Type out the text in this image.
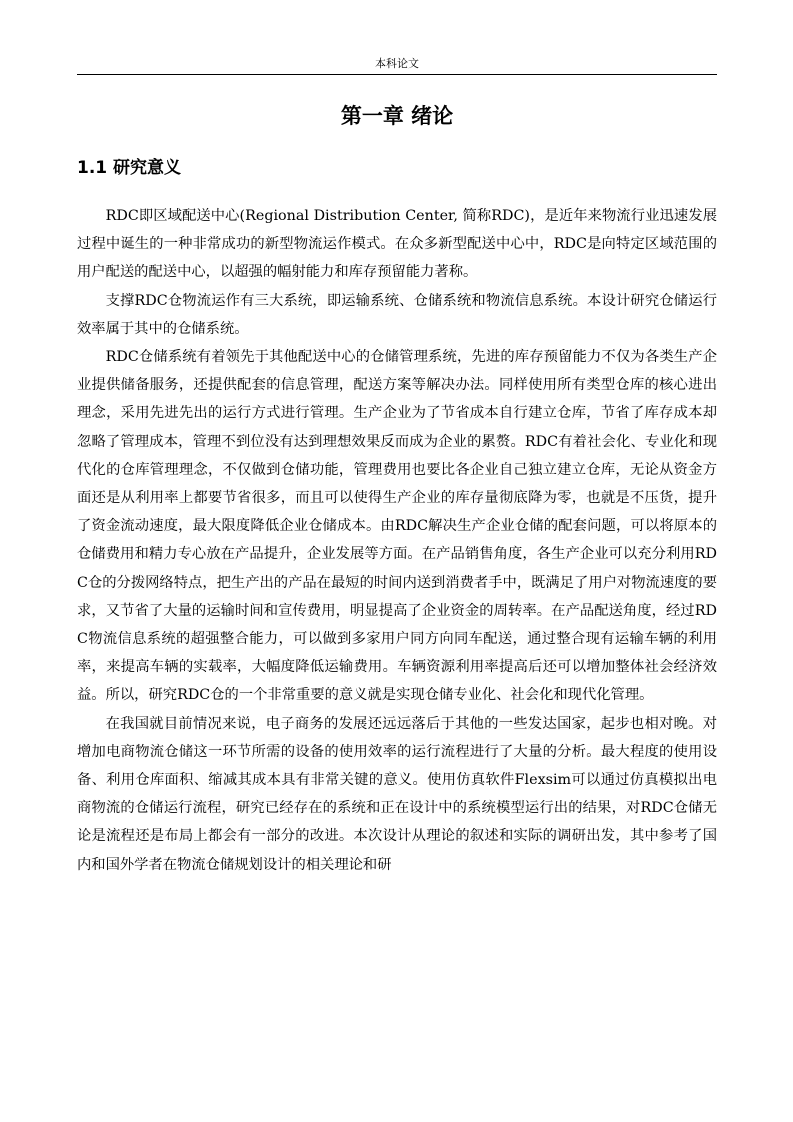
本科论文
第一章 绪论
1.1 研究意义

RDC即区域配送中心(Regional Distribution Center, 简称RDC)，是近年来物流行业迅速发展过程中诞生的一种非常成功的新型物流运作模式。在众多新型配送中心中，RDC是向特定区域范围的用户配送的配送中心，以超强的幅射能力和库存预留能力著称。

支撑RDC仓物流运作有三大系统，即运输系统、仓储系统和物流信息系统。本设计研究仓储运行效率属于其中的仓储系统。

RDC仓储系统有着领先于其他配送中心的仓储管理系统，先进的库存预留能力不仅为各类生产企业提供储备服务，还提供配套的信息管理，配送方案等解决办法。同样使用所有类型仓库的核心进出理念，采用先进先出的运行方式进行管理。生产企业为了节省成本自行建立仓库，节省了库存成本却忽略了管理成本，管理不到位没有达到理想效果反而成为企业的累赘。RDC有着社会化、专业化和现代化的仓库管理理念，不仅做到仓储功能，管理费用也要比各企业自己独立建立仓库，无论从资金方面还是从利用率上都要节省很多，而且可以使得生产企业的库存量彻底降为零，也就是不压货，提升了资金流动速度，最大限度降低企业仓储成本。由RDC解决生产企业仓储的配套问题，可以将原本的仓储费用和精力专心放在产品提升，企业发展等方面。在产品销售角度，各生产企业可以充分利用RDC仓的分拨网络特点，把生产出的产品在最短的时间内送到消费者手中，既满足了用户对物流速度的要求，又节省了大量的运输时间和宣传费用，明显提高了企业资金的周转率。在产品配送角度，经过RDC物流信息系统的超强整合能力，可以做到多家用户同方向同车配送，通过整合现有运输车辆的利用率，来提高车辆的实载率，大幅度降低运输费用。车辆资源利用率提高后还可以增加整体社会经济效益。所以，研究RDC仓的一个非常重要的意义就是实现仓储专业化、社会化和现代化管理。

在我国就目前情况来说，电子商务的发展还远远落后于其他的一些发达国家，起步也相对晚。对增加电商物流仓储这一环节所需的设备的使用效率的运行流程进行了大量的分析。最大程度的使用设备、利用仓库面积、缩减其成本具有非常关键的意义。使用仿真软件Flexsim可以通过仿真模拟出电商物流的仓储运行流程，研究已经存在的系统和正在设计中的系统模型运行出的结果，对RDC仓储无论是流程还是布局上都会有一部分的改进。本次设计从理论的叙述和实际的调研出发，其中参考了国内和国外学者在物流仓储规划设计的相关理论和研
